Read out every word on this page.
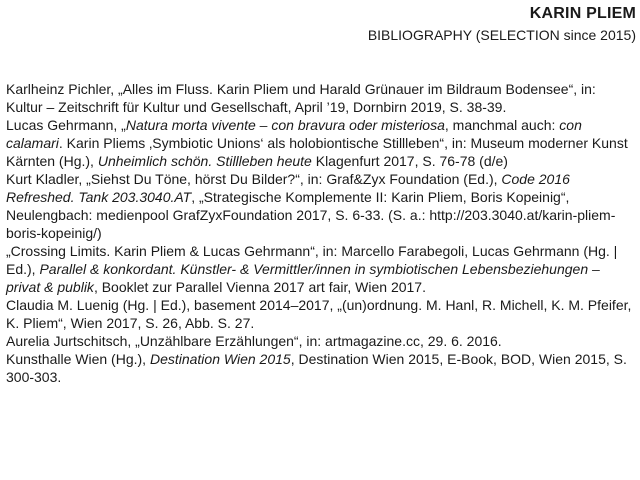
KARIN PLIEM
BIBLIOGRAPHY (SELECTION since 2015)

Karlheinz Pichler, „Alles im Fluss. Karin Pliem und Harald Grünauer im Bildraum Bodensee“, in: Kultur – Zeitschrift für Kultur und Gesellschaft, April ’19, Dornbirn 2019, S. 38-39.

Lucas Gehrmann, „Natura morta vivente – con bravura oder misteriosa, manchmal auch: con calamari. Karin Pliems ‚Symbiotic Unions‘ als holobiontische Stillleben“, in: Museum moderner Kunst Kärnten (Hg.), Unheimlich schön. Stillleben heute Klagenfurt 2017, S. 76-78 (d/e)

Kurt Kladler, „Siehst Du Töne, hörst Du Bilder?“, in: Graf&Zyx Foundation (Ed.), Code 2016 Refreshed. Tank 203.3040.AT, „Strategische Komplemente II: Karin Pliem, Boris Kopeinig“, Neulengbach: medienpool GrafZyxFoundation 2017, S. 6-33. (S. a.: http://203.3040.at/karin-pliem-boris-kopeinig/)

„Crossing Limits. Karin Pliem & Lucas Gehrmann“, in: Marcello Farabegoli, Lucas Gehrmann (Hg. | Ed.), Parallel & konkordant. Künstler- & Vermittler/innen in symbiotischen Lebensbeziehungen – privat & publik, Booklet zur Parallel Vienna 2017 art fair, Wien 2017.

Claudia M. Luenig (Hg. | Ed.), basement 2014–2017, „(un)ordnung. M. Hanl, R. Michell, K. M. Pfeifer, K. Pliem“, Wien 2017, S. 26, Abb. S. 27.

Aurelia Jurtschitsch, „Unzählbare Erzählungen“, in: artmagazine.cc, 29. 6. 2016.

Kunsthalle Wien (Hg.), Destination Wien 2015, Destination Wien 2015, E-Book, BOD, Wien 2015, S. 300-303.
